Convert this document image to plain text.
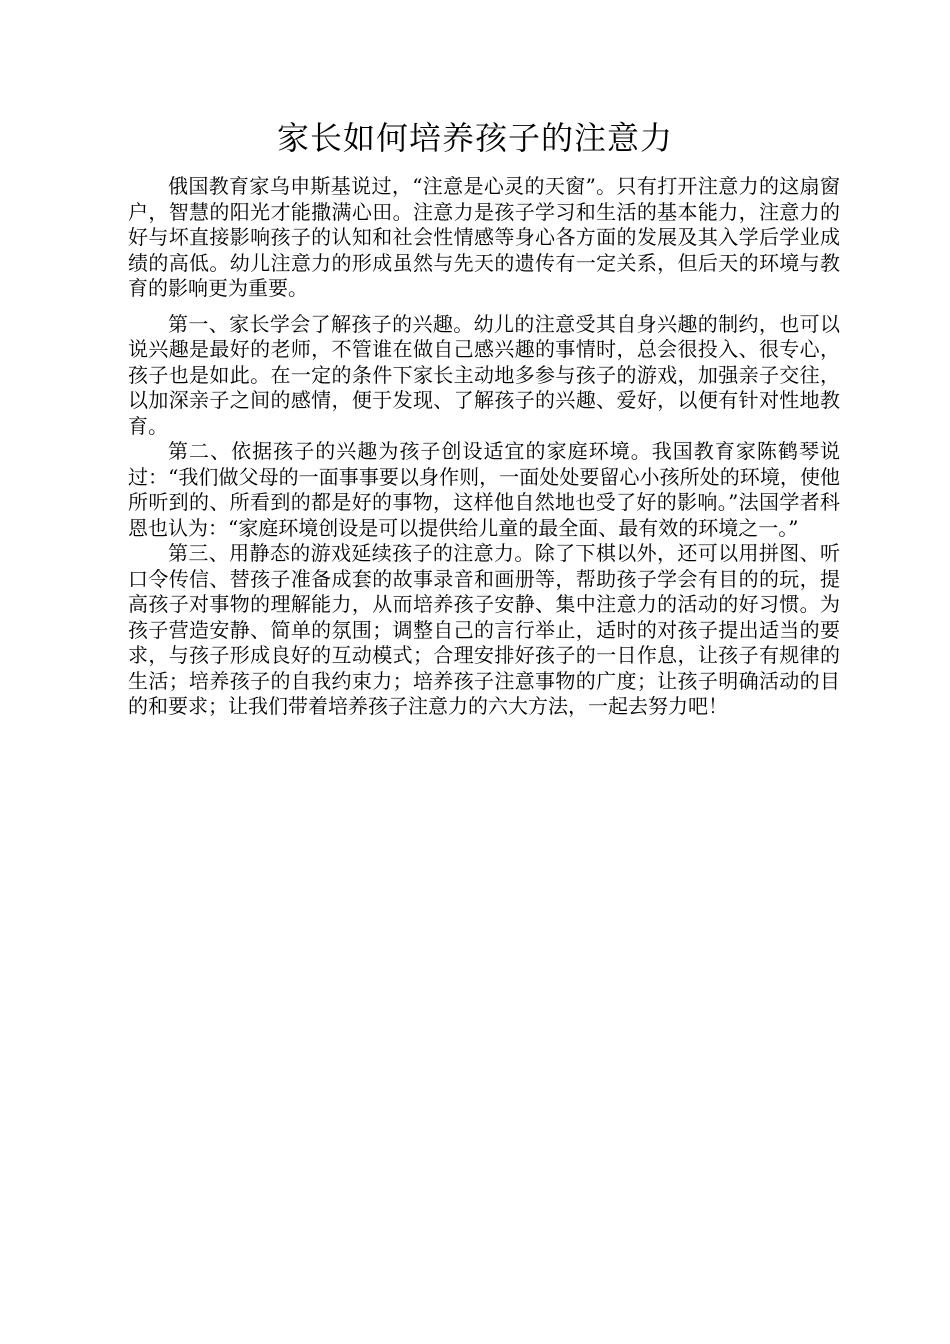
家长如何培养孩子的注意力

俄国教育家乌申斯基说过，“注意是心灵的天窗”。只有打开注意力的这扇窗户，智慧的阳光才能撒满心田。注意力是孩子学习和生活的基本能力，注意力的好与坏直接影响孩子的认知和社会性情感等身心各方面的发展及其入学后学业成绩的高低。幼儿注意力的形成虽然与先天的遗传有一定关系，但后天的环境与教育的影响更为重要。

第一、家长学会了解孩子的兴趣。幼儿的注意受其自身兴趣的制约，也可以说兴趣是最好的老师，不管谁在做自己感兴趣的事情时，总会很投入、很专心，孩子也是如此。在一定的条件下家长主动地多参与孩子的游戏，加强亲子交往，以加深亲子之间的感情，便于发现、了解孩子的兴趣、爱好，以便有针对性地教育。

第二、依据孩子的兴趣为孩子创设适宜的家庭环境。我国教育家陈鹤琴说过：“我们做父母的一面事事要以身作则，一面处处要留心小孩所处的环境，使他所听到的、所看到的都是好的事物，这样他自然地也受了好的影响。”法国学者科恩也认为：“家庭环境创设是可以提供给儿童的最全面、最有效的环境之一。”

第三、用静态的游戏延续孩子的注意力。除了下棋以外，还可以用拼图、听口令传信、替孩子准备成套的故事录音和画册等，帮助孩子学会有目的的玩，提高孩子对事物的理解能力，从而培养孩子安静、集中注意力的活动的好习惯。为孩子营造安静、简单的氛围；调整自己的言行举止，适时的对孩子提出适当的要求，与孩子形成良好的互动模式；合理安排好孩子的一日作息，让孩子有规律的生活；培养孩子的自我约束力；培养孩子注意事物的广度；让孩子明确活动的目的和要求；让我们带着培养孩子注意力的六大方法，一起去努力吧！
